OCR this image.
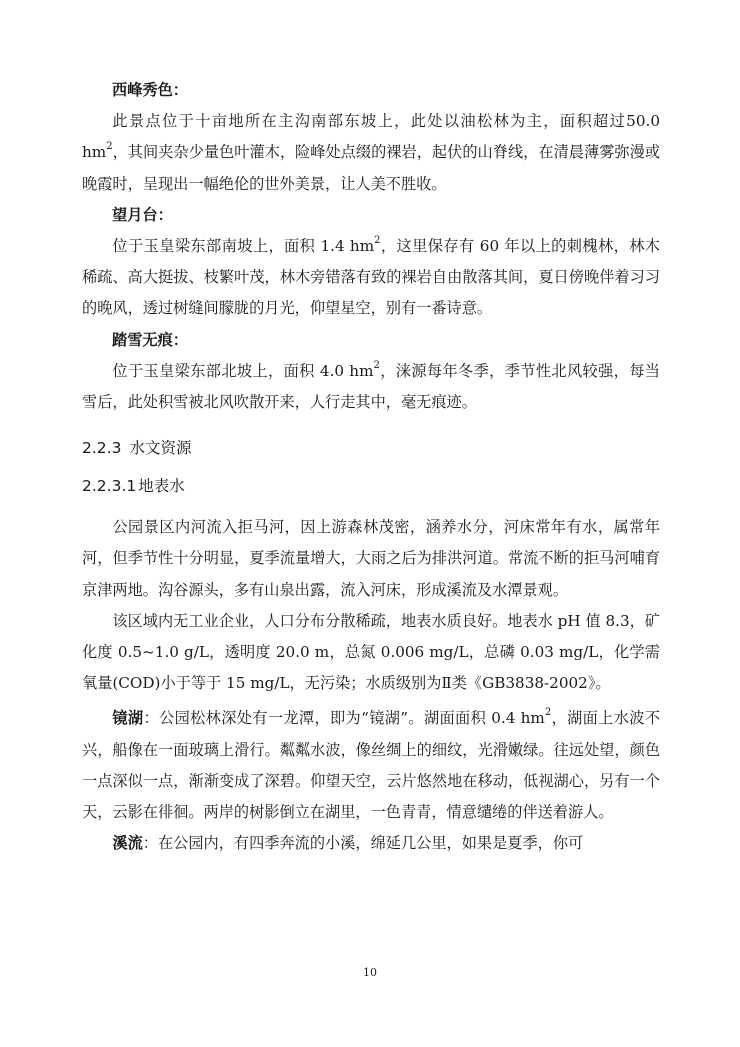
西峰秀色：

此景点位于十亩地所在主沟南部东坡上，此处以油松林为主，面积超过50.0 $hm^2$，其间夹杂少量色叶灌木，险峰处点缀的裸岩，起伏的山脊线，在清晨薄雾弥漫或晚霞时，呈现出一幅绝伦的世外美景，让人美不胜收。

望月台：

位于玉皇梁东部南坡上，面积 1.4 $hm^2$，这里保存有 60 年以上的刺槐林，林木稀疏、高大挺拔、枝繁叶茂，林木旁错落有致的裸岩自由散落其间，夏日傍晚伴着习习的晚风，透过树缝间朦胧的月光，仰望星空，别有一番诗意。

踏雪无痕：

位于玉皇梁东部北坡上，面积 4.0 $hm^2$，涞源每年冬季，季节性北风较强，每当雪后，此处积雪被北风吹散开来，人行走其中，毫无痕迹。

2.2.3 水文资源
2.2.3.1 地表水

公园景区内河流入拒马河，因上游森林茂密，涵养水分，河床常年有水，属常年河，但季节性十分明显，夏季流量增大，大雨之后为排洪河道。常流不断的拒马河哺育京津两地。沟谷源头，多有山泉出露，流入河床，形成溪流及水潭景观。

该区域内无工业企业，人口分布分散稀疏，地表水质良好。地表水 pH 值 8.3，矿化度 0.5~1.0 g/L，透明度 20.0 m，总氮 0.006 mg/L，总磷 0.03 mg/L，化学需氧量(COD)小于等于 15 mg/L，无污染；水质级别为Ⅱ类《GB3838-2002》。

镜湖：公园松林深处有一龙潭，即为“镜湖”。湖面面积 0.4 $hm^2$，湖面上水波不兴，船像在一面玻璃上滑行。粼粼水波，像丝绸上的细纹，光滑嫩绿。往远处望，颜色一点深似一点，渐渐变成了深碧。仰望天空，云片悠然地在移动，低视湖心，另有一个天，云影在徘徊。两岸的树影倒立在湖里，一色青青，情意缱绻的伴送着游人。

溪流：在公园内，有四季奔流的小溪，绵延几公里，如果是夏季，你可

10
